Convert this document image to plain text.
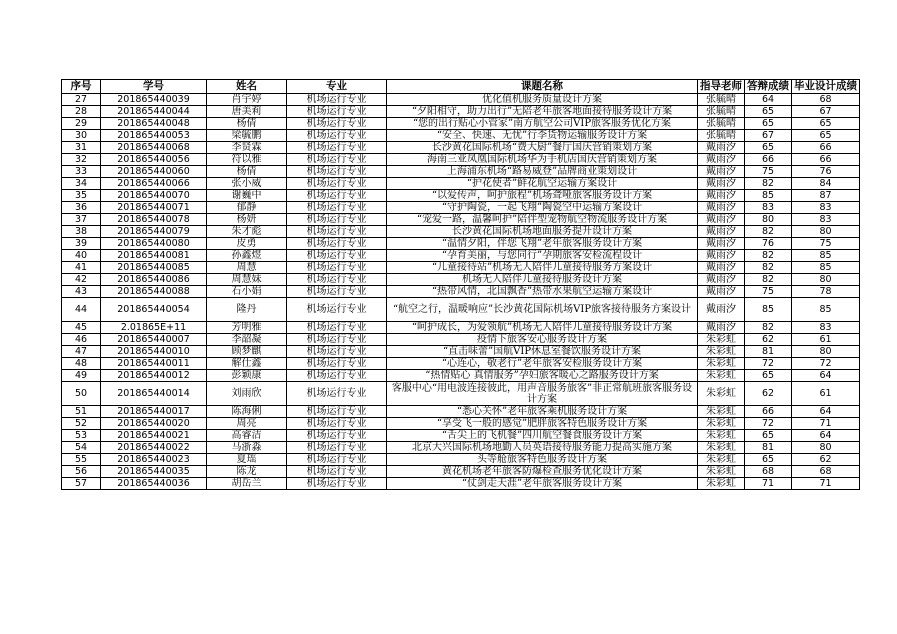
序号	学号	姓名	专业	课题名称	指导老师	答辩成绩	毕业设计成绩
27	201865440039	肖宇婷	机场运行专业	优化值机服务质量设计方案	张毓晴	64	68
28	201865440044	唐美莉	机场运行专业	“夕阳相守，助力出行”无陪老年旅客地面接待服务设计方案	张毓晴	65	67
29	201865440048	杨倩	机场运行专业	“您的出行贴心小管家”南方航空公司VIP旅客服务优化方案	张毓晴	65	65
30	201865440053	梁毓鹏	机场运行专业	“安全、快速、无忧”行李货物运输服务设计方案	张毓晴	67	65
31	201865440068	李贤霖	机场运行专业	长沙黄花国际机场“费大厨”餐厅国庆营销策划方案	戴雨汐	65	66
32	201865440056	符以雅	机场运行专业	海南三亚凤凰国际机场华为手机店国庆营销策划方案	戴雨汐	66	66
33	201865440060	杨倩	机场运行专业	上海浦东机场“路易威登”品牌商业策划设计	戴雨汐	75	76
34	201865440066	张小威	机场运行专业	“护花使者”鲜花航空运输方案设计	戴雨汐	82	84
35	201865440070	谢巍中	机场运行专业	“以爱传声，呵护旅程”机场聋哑旅客服务设计方案	戴雨汐	85	87
36	201865440071	郁静	机场运行专业	“守护陶瓷，一起飞翔”陶瓷空中运输方案设计	戴雨汐	83	83
37	201865440078	杨妍	机场运行专业	“宠爱一路，温馨呵护”陪伴型宠物航空物流服务设计方案	戴雨汐	80	83
38	201865440079	朱才彪	机场运行专业	长沙黄花国际机场地面服务提升设计方案	戴雨汐	82	80
39	201865440080	皮勇	机场运行专业	“温情夕阳，伴您飞翔”老年旅客服务设计方案	戴雨汐	76	75
40	201865440081	孙鑫煜	机场运行专业	“孕育美丽，与您同行”孕期旅客安检流程设计	戴雨汐	82	85
41	201865440085	周慧	机场运行专业	“儿童接待站”机场无人陪伴儿童接待服务方案设计	戴雨汐	82	85
42	201865440086	周慧妹	机场运行专业	机场无人陪伴儿童接待服务设计方案	戴雨汐	82	80
43	201865440088	石小娟	机场运行专业	“热带风情，北国飘香”热带水果航空运输方案设计	戴雨汐	75	78
44	201865440054	隆丹	机场运行专业	“航空之行，温暖响应”长沙黄花国际机场VIP旅客接待服务方案设计	戴雨汐	85	85
45	2.01865E+11	芳明雅	机场运行专业	“呵护成长，为爱领航”机场无人陪伴儿童接待服务设计方案	戴雨汐	82	83
46	201865440007	李韶凝	机场运行专业	疫情下旅客安心服务设计方案	朱彩虹	62	61
47	201865440010	顾梦麒	机场运行专业	“直击味蕾”国航VIP休息室餐饮服务设计方案	朱彩虹	81	80
48	201865440011	解仕鑫	机场运行专业	“心连心，敬老行”老年旅客安检服务设计方案	朱彩虹	72	72
49	201865440012	彭颖康	机场运行专业	“热情贴心 真情服务”孕妇旅客暖心之路服务设计方案	朱彩虹	65	64
50	201865440014	刘雨欣	机场运行专业	客服中心“用电波连接彼此，用声音服务旅客”非正常航班旅客服务设计方案	朱彩虹	62	61
51	201865440017	陈海俐	机场运行专业	“悉心关怀”老年旅客乘机服务设计方案	朱彩虹	66	64
52	201865440020	周亮	机场运行专业	“享受飞一般的感觉”肥胖旅客特色服务设计方案	朱彩虹	72	71
53	201865440021	高睿洁	机场运行专业	“舌尖上的飞机餐”四川航空餐食服务设计方案	朱彩虹	65	64
54	201865440022	马浙淼	机场运行专业	北京大兴国际机场地勤人员英语接待服务能力提高实施方案	朱彩虹	81	80
55	201865440023	夏瑶	机场运行专业	头等舱旅客特色服务设计方案	朱彩虹	65	62
56	201865440035	陈龙	机场运行专业	黄花机场老年旅客防爆检查服务优化设计方案	朱彩虹	68	68
57	201865440036	胡岳兰	机场运行专业	“仗剑走天涯”老年旅客服务设计方案	朱彩虹	71	71
